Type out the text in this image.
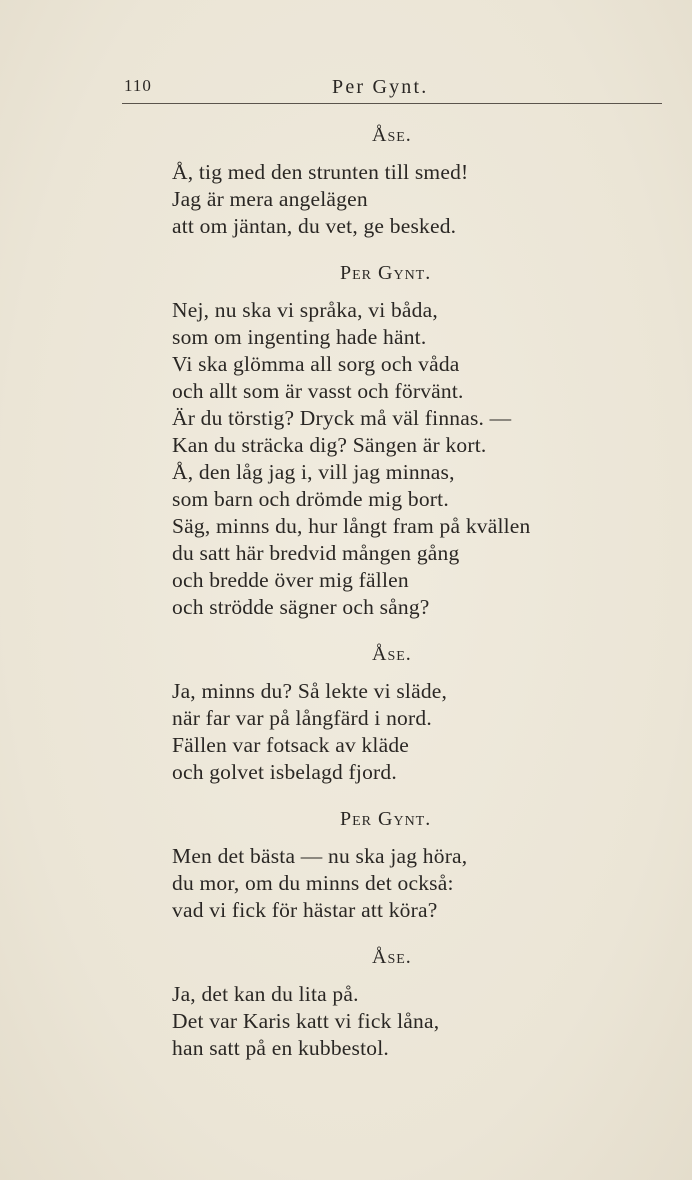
110	Per Gynt.
Åse.
Å, tig med den strunten till smed!
Jag är mera angelägen
att om jäntan, du vet, ge besked.
Per Gynt.
Nej, nu ska vi språka, vi båda,
som om ingenting hade hänt.
Vi ska glömma all sorg och våda
och allt som är vasst och förvänt.
Är du törstig? Dryck må väl finnas. —
Kan du sträcka dig? Sängen är kort.
Å, den låg jag i, vill jag minnas,
som barn och drömde mig bort.
Säg, minns du, hur långt fram på kvällen
du satt här bredvid mången gång
och bredde över mig fällen
och strödde sägner och sång?
Åse.
Ja, minns du? Så lekte vi släde,
när far var på långfärd i nord.
Fällen var fotsack av kläde
och golvet isbelagd fjord.
Per Gynt.
Men det bästa — nu ska jag höra,
du mor, om du minns det också:
vad vi fick för hästar att köra?
Åse.
Ja, det kan du lita på.
Det var Karis katt vi fick låna,
han satt på en kubbestol.
